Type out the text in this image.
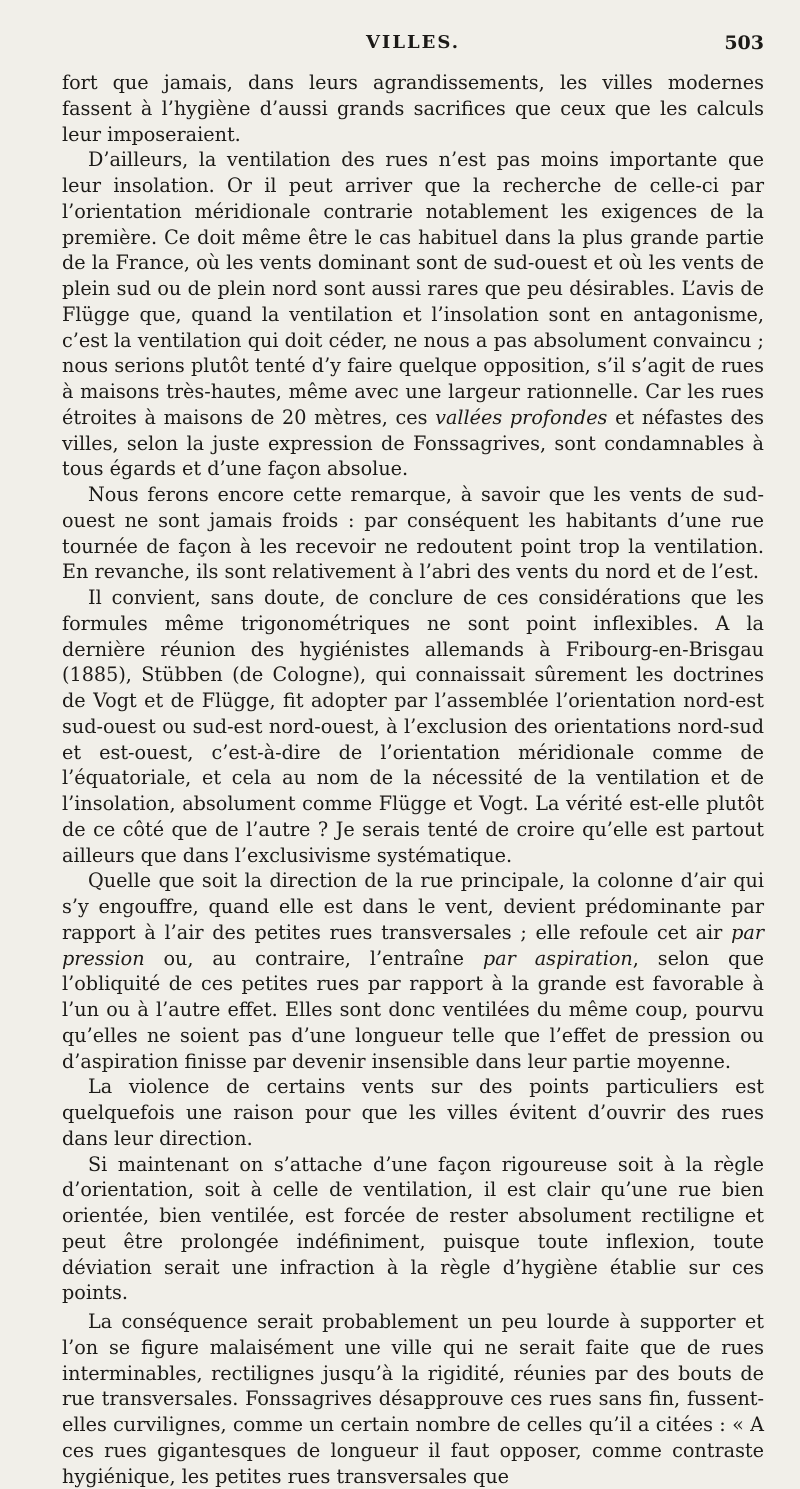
VILLES.	503

fort que jamais, dans leurs agrandissements, les villes modernes fassent à l’hygiène d’aussi grands sacrifices que ceux que les calculs leur imposeraient.

D’ailleurs, la ventilation des rues n’est pas moins importante que leur insolation. Or il peut arriver que la recherche de celle-ci par l’orientation méridionale contrarie notablement les exigences de la première. Ce doit même être le cas habituel dans la plus grande partie de la France, où les vents dominant sont de sud-ouest et où les vents de plein sud ou de plein nord sont aussi rares que peu désirables. L’avis de Flügge que, quand la ventilation et l’insolation sont en antagonisme, c’est la ventilation qui doit céder, ne nous a pas absolument convaincu ; nous serions plutôt tenté d’y faire quelque opposition, s’il s’agit de rues à maisons très-hautes, même avec une largeur rationnelle. Car les rues étroites à maisons de 20 mètres, ces vallées profondes et néfastes des villes, selon la juste expression de Fonssagrives, sont condamnables à tous égards et d’une façon absolue.

Nous ferons encore cette remarque, à savoir que les vents de sud-ouest ne sont jamais froids : par conséquent les habitants d’une rue tournée de façon à les recevoir ne redoutent point trop la ventilation. En revanche, ils sont relativement à l’abri des vents du nord et de l’est.

Il convient, sans doute, de conclure de ces considérations que les formules même trigonométriques ne sont point inflexibles. A la dernière réunion des hygiénistes allemands à Fribourg-en-Brisgau (1885), Stübben (de Cologne), qui connaissait sûrement les doctrines de Vogt et de Flügge, fit adopter par l’assemblée l’orientation nord-est sud-ouest ou sud-est nord-ouest, à l’exclusion des orientations nord-sud et est-ouest, c’est-à-dire de l’orientation méridionale comme de l’équatoriale, et cela au nom de la nécessité de la ventilation et de l’insolation, absolument comme Flügge et Vogt. La vérité est-elle plutôt de ce côté que de l’autre ? Je serais tenté de croire qu’elle est partout ailleurs que dans l’exclusivisme systématique.

Quelle que soit la direction de la rue principale, la colonne d’air qui s’y engouffre, quand elle est dans le vent, devient prédominante par rapport à l’air des petites rues transversales ; elle refoule cet air par pression ou, au contraire, l’entraîne par aspiration, selon que l’obliquité de ces petites rues par rapport à la grande est favorable à l’un ou à l’autre effet. Elles sont donc ventilées du même coup, pourvu qu’elles ne soient pas d’une longueur telle que l’effet de pression ou d’aspiration finisse par devenir insensible dans leur partie moyenne.

La violence de certains vents sur des points particuliers est quelquefois une raison pour que les villes évitent d’ouvrir des rues dans leur direction.

Si maintenant on s’attache d’une façon rigoureuse soit à la règle d’orientation, soit à celle de ventilation, il est clair qu’une rue bien orientée, bien ventilée, est forcée de rester absolument rectiligne et peut être prolongée indéfiniment, puisque toute inflexion, toute déviation serait une infraction à la règle d’hygiène établie sur ces points.

La conséquence serait probablement un peu lourde à supporter et l’on se figure malaisément une ville qui ne serait faite que de rues interminables, rectilignes jusqu’à la rigidité, réunies par des bouts de rue transversales. Fonssagrives désapprouve ces rues sans fin, fussent-elles curvilignes, comme un certain nombre de celles qu’il a citées : « A ces rues gigantesques de longueur il faut opposer, comme contraste hygiénique, les petites rues transversales que
